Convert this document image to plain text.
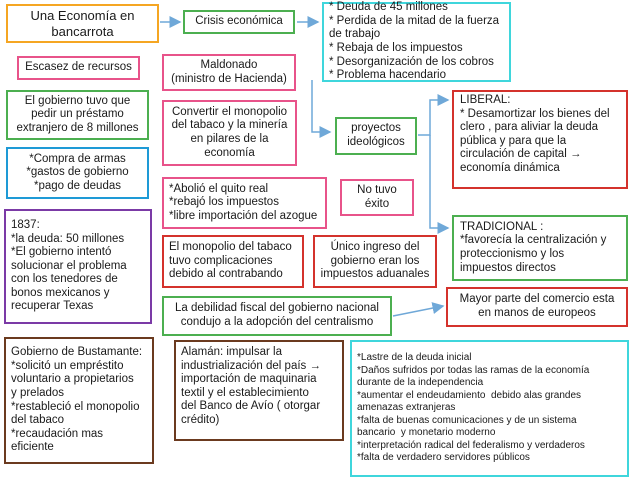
Una Economía en
bancarrota
Crisis económica
* Deuda de 45 millones
* Perdida de la mitad de la fuerza de trabajo
* Rebaja de los impuestos
* Desorganización de los cobros
* Problema hacendario
Escasez de recursos	Maldonado
(ministro de Hacienda)
El gobierno tuvo que
pedir un préstamo
extranjero de 8 millones
Convertir el monopolio
del tabaco y la minería
en pilares de la
economía
proyectos
ideológicos
LIBERAL:
* Desamortizar los bienes del
clero , para aliviar la deuda
pública y para que la
circulación de capital →
economía dinámica
*Compra de armas
*gastos de gobierno
*pago de deudas	*Abolió el quito real
*rebajó los impuestos
*libre importación del azogue
No tuvo
éxito
1837:
*la deuda: 50 millones
*El gobierno intentó
solucionar el problema
con los tenedores de
bonos mexicanos y
recuperar Texas
TRADICIONAL :
*favorecía la centralización y
proteccionismo y los
impuestos directos
El monopolio del tabaco
tuvo complicaciones
debido al contrabando
Único ingreso del
gobierno eran los
impuestos aduanales
La debilidad fiscal del gobierno nacional
condujo a la adopción del centralismo
Mayor parte del comercio esta
en manos de europeos
Gobierno de Bustamante:
*solicitó un empréstito
voluntario a propietarios
y prelados
*restableció el monopolio
del tabaco
*recaudación mas
eficiente
Alamán: impulsar la
industrialización del país →
importación de maquinaria
textil y el establecimiento
del Banco de Avío ( otorgar
crédito)
*Lastre de la deuda inicial
*Daños sufridos por todas las ramas de la economía
durante de la independencia
*aumentar el endeudamiento  debido alas grandes
amenazas extranjeras
*falta de buenas comunicaciones y de un sistema
bancario  y monetario moderno
*interpretación radical del federalismo y verdaderos
*falta de verdadero servidores públicos
